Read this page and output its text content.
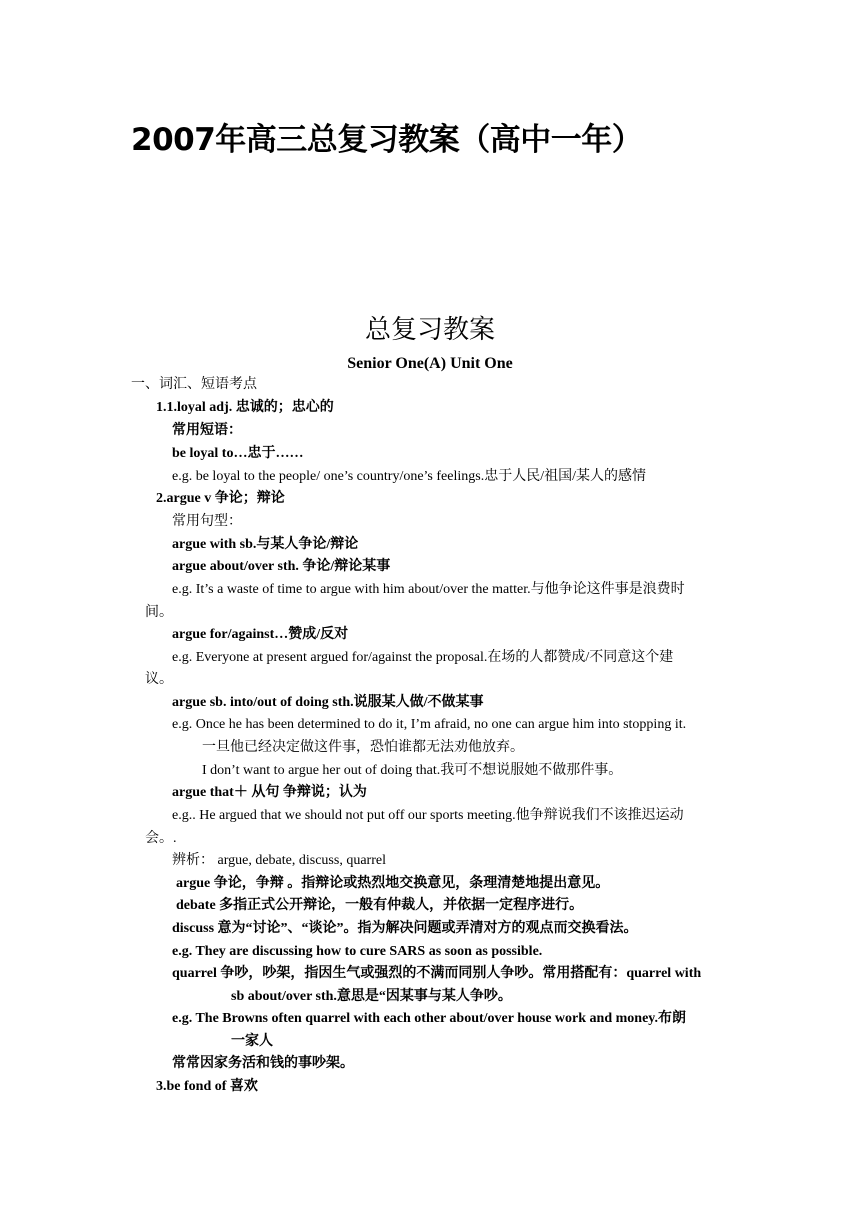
2007年高三总复习教案（高中一年）
总复习教案
Senior One(A) Unit One
一、词汇、短语考点
1.1.loyal adj. 忠诚的；忠心的
常用短语：
be loyal to…忠于……
e.g. be loyal to the people/ one’s country/one’s feelings.忠于人民/祖国/某人的感情
2.argue v 争论；辩论
常用句型：
argue with sb.与某人争论/辩论
argue about/over sth. 争论/辩论某事
e.g. It’s a waste of time to argue with him about/over the matter.与他争论这件事是浪费时
间。
argue for/against…赞成/反对
e.g. Everyone at present argued for/against the proposal.在场的人都赞成/不同意这个建
议。
argue sb. into/out of doing sth.说服某人做/不做某事
e.g. Once he has been determined to do it, I’m afraid, no one can argue him into stopping it.
一旦他已经决定做这件事，恐怕谁都无法劝他放弃。
I don’t want to argue her out of doing that.我可不想说服她不做那件事。
argue that＋ 从句 争辩说；认为
e.g.. He argued that we should not put off our sports meeting.他争辩说我们不该推迟运动
会。.
辨析： argue, debate, discuss, quarrel
argue 争论，争辩 。指辩论或热烈地交换意见，条理清楚地提出意见。
debate 多指正式公开辩论，一般有仲裁人，并依据一定程序进行。
discuss 意为“讨论”、“谈论”。指为解决问题或弄清对方的观点而交换看法。
e.g. They are discussing how to cure SARS as soon as possible.
quarrel 争吵，吵架，指因生气或强烈的不满而同别人争吵。常用搭配有：quarrel with
sb about/over sth.意思是“因某事与某人争吵。
e.g. The Browns often quarrel with each other about/over house work and money.布朗
一家人
常常因家务活和钱的事吵架。
3.be fond of 喜欢
